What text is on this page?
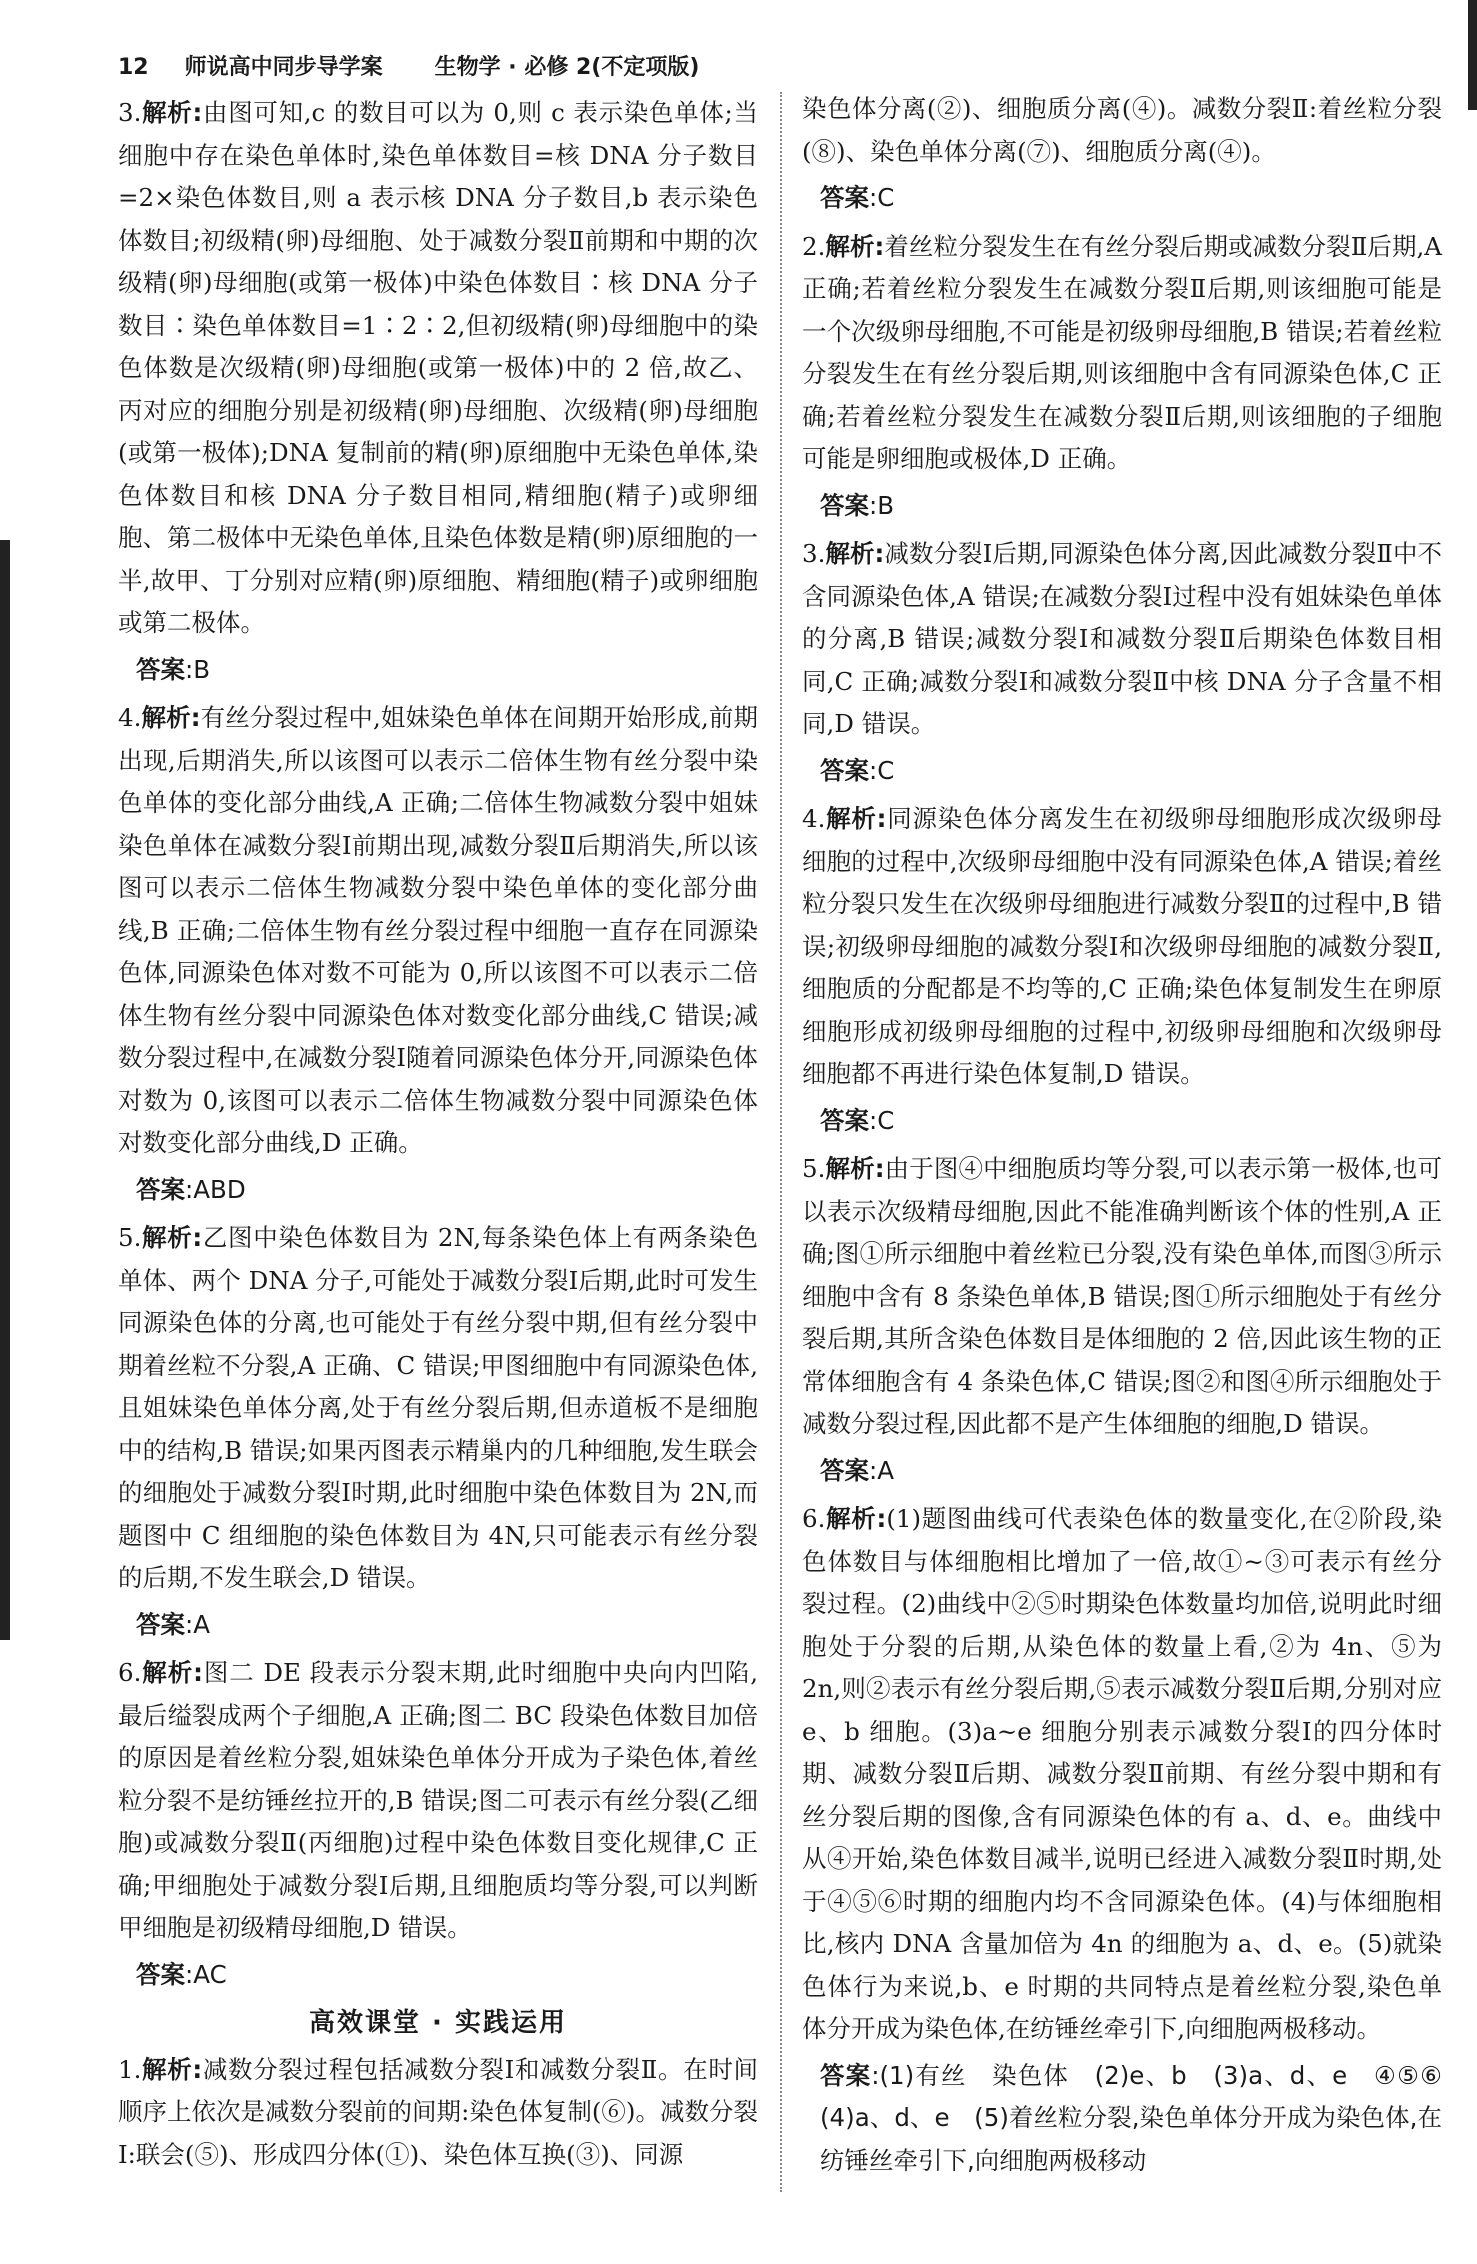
12 师说高中同步导学案 生物学 · 必修 2(不定项版)
3.解析:由图可知,c 的数目可以为 0,则 c 表示染色单体;当细胞中存在染色单体时,染色单体数目=核 DNA 分子数目=2×染色体数目,则 a 表示核 DNA 分子数目,b 表示染色体数目;初级精(卵)母细胞、处于减数分裂Ⅱ前期和中期的次级精(卵)母细胞(或第一极体)中染色体数目∶核 DNA 分子数目∶染色单体数目=1∶2∶2,但初级精(卵)母细胞中的染色体数是次级精(卵)母细胞(或第一极体)中的 2 倍,故乙、丙对应的细胞分别是初级精(卵)母细胞、次级精(卵)母细胞(或第一极体);DNA 复制前的精(卵)原细胞中无染色单体,染色体数目和核 DNA 分子数目相同,精细胞(精子)或卵细胞、第二极体中无染色单体,且染色体数是精(卵)原细胞的一半,故甲、丁分别对应精(卵)原细胞、精细胞(精子)或卵细胞或第二极体。
答案:B
4.解析:有丝分裂过程中,姐妹染色单体在间期开始形成,前期出现,后期消失,所以该图可以表示二倍体生物有丝分裂中染色单体的变化部分曲线,A 正确;二倍体生物减数分裂中姐妹染色单体在减数分裂Ⅰ前期出现,减数分裂Ⅱ后期消失,所以该图可以表示二倍体生物减数分裂中染色单体的变化部分曲线,B 正确;二倍体生物有丝分裂过程中细胞一直存在同源染色体,同源染色体对数不可能为 0,所以该图不可以表示二倍体生物有丝分裂中同源染色体对数变化部分曲线,C 错误;减数分裂过程中,在减数分裂Ⅰ随着同源染色体分开,同源染色体对数为 0,该图可以表示二倍体生物减数分裂中同源染色体对数变化部分曲线,D 正确。
答案:ABD
5.解析:乙图中染色体数目为 2N,每条染色体上有两条染色单体、两个 DNA 分子,可能处于减数分裂Ⅰ后期,此时可发生同源染色体的分离,也可能处于有丝分裂中期,但有丝分裂中期着丝粒不分裂,A 正确、C 错误;甲图细胞中有同源染色体,且姐妹染色单体分离,处于有丝分裂后期,但赤道板不是细胞中的结构,B 错误;如果丙图表示精巢内的几种细胞,发生联会的细胞处于减数分裂Ⅰ时期,此时细胞中染色体数目为 2N,而题图中 C 组细胞的染色体数目为 4N,只可能表示有丝分裂的后期,不发生联会,D 错误。
答案:A
6.解析:图二 DE 段表示分裂末期,此时细胞中央向内凹陷,最后缢裂成两个子细胞,A 正确;图二 BC 段染色体数目加倍的原因是着丝粒分裂,姐妹染色单体分开成为子染色体,着丝粒分裂不是纺锤丝拉开的,B 错误;图二可表示有丝分裂(乙细胞)或减数分裂Ⅱ(丙细胞)过程中染色体数目变化规律,C 正确;甲细胞处于减数分裂Ⅰ后期,且细胞质均等分裂,可以判断甲细胞是初级精母细胞,D 错误。
答案:AC
高效课堂 · 实践运用
1.解析:减数分裂过程包括减数分裂Ⅰ和减数分裂Ⅱ。在时间顺序上依次是减数分裂前的间期:染色体复制(⑥)。减数分裂Ⅰ:联会(⑤)、形成四分体(①)、染色体互换(③)、同源
染色体分离(②)、细胞质分离(④)。减数分裂Ⅱ:着丝粒分裂(⑧)、染色单体分离(⑦)、细胞质分离(④)。
答案:C
2.解析:着丝粒分裂发生在有丝分裂后期或减数分裂Ⅱ后期,A 正确;若着丝粒分裂发生在减数分裂Ⅱ后期,则该细胞可能是一个次级卵母细胞,不可能是初级卵母细胞,B 错误;若着丝粒分裂发生在有丝分裂后期,则该细胞中含有同源染色体,C 正确;若着丝粒分裂发生在减数分裂Ⅱ后期,则该细胞的子细胞可能是卵细胞或极体,D 正确。
答案:B
3.解析:减数分裂Ⅰ后期,同源染色体分离,因此减数分裂Ⅱ中不含同源染色体,A 错误;在减数分裂Ⅰ过程中没有姐妹染色单体的分离,B 错误;减数分裂Ⅰ和减数分裂Ⅱ后期染色体数目相同,C 正确;减数分裂Ⅰ和减数分裂Ⅱ中核 DNA 分子含量不相同,D 错误。
答案:C
4.解析:同源染色体分离发生在初级卵母细胞形成次级卵母细胞的过程中,次级卵母细胞中没有同源染色体,A 错误;着丝粒分裂只发生在次级卵母细胞进行减数分裂Ⅱ的过程中,B 错误;初级卵母细胞的减数分裂Ⅰ和次级卵母细胞的减数分裂Ⅱ,细胞质的分配都是不均等的,C 正确;染色体复制发生在卵原细胞形成初级卵母细胞的过程中,初级卵母细胞和次级卵母细胞都不再进行染色体复制,D 错误。
答案:C
5.解析:由于图④中细胞质均等分裂,可以表示第一极体,也可以表示次级精母细胞,因此不能准确判断该个体的性别,A 正确;图①所示细胞中着丝粒已分裂,没有染色单体,而图③所示细胞中含有 8 条染色单体,B 错误;图①所示细胞处于有丝分裂后期,其所含染色体数目是体细胞的 2 倍,因此该生物的正常体细胞含有 4 条染色体,C 错误;图②和图④所示细胞处于减数分裂过程,因此都不是产生体细胞的细胞,D 错误。
答案:A
6.解析:(1)题图曲线可代表染色体的数量变化,在②阶段,染色体数目与体细胞相比增加了一倍,故①~③可表示有丝分裂过程。(2)曲线中②⑤时期染色体数量均加倍,说明此时细胞处于分裂的后期,从染色体的数量上看,②为 4n、⑤为 2n,则②表示有丝分裂后期,⑤表示减数分裂Ⅱ后期,分别对应 e、b 细胞。(3)a~e 细胞分别表示减数分裂Ⅰ的四分体时期、减数分裂Ⅱ后期、减数分裂Ⅱ前期、有丝分裂中期和有丝分裂后期的图像,含有同源染色体的有 a、d、e。曲线中从④开始,染色体数目减半,说明已经进入减数分裂Ⅱ时期,处于④⑤⑥时期的细胞内均不含同源染色体。(4)与体细胞相比,核内 DNA 含量加倍为 4n 的细胞为 a、d、e。(5)就染色体行为来说,b、e 时期的共同特点是着丝粒分裂,染色单体分开成为染色体,在纺锤丝牵引下,向细胞两极移动。
答案:(1)有丝　染色体　(2)e、b　(3)a、d、e　④⑤⑥　(4)a、d、e　(5)着丝粒分裂,染色单体分开成为染色体,在纺锤丝牵引下,向细胞两极移动
